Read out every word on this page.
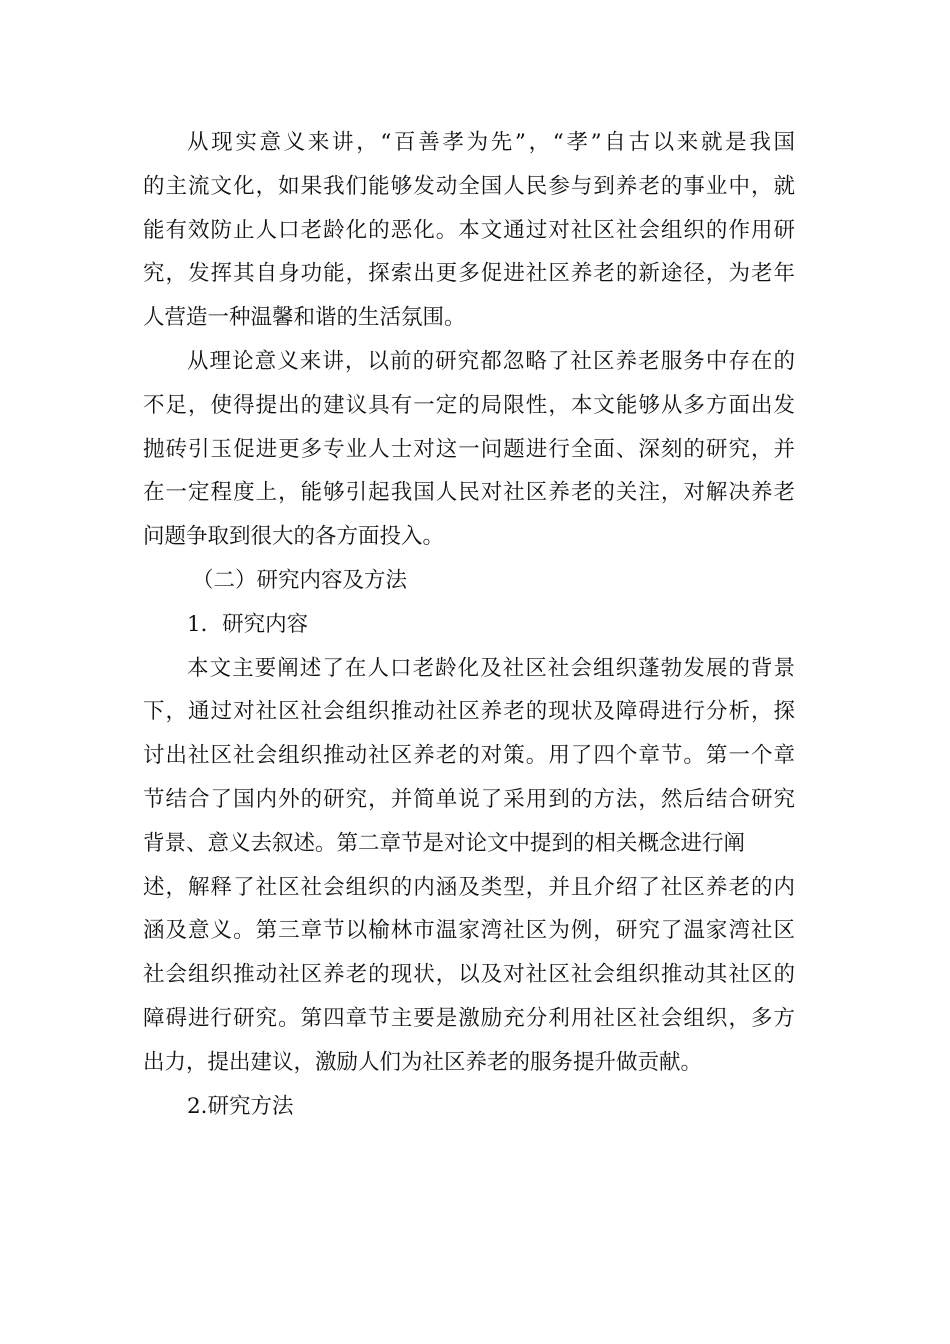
从现实意义来讲，“百善孝为先”，“孝”自古以来就是我国
的主流文化，如果我们能够发动全国人民参与到养老的事业中，就
能有效防止人口老龄化的恶化。本文通过对社区社会组织的作用研
究，发挥其自身功能，探索出更多促进社区养老的新途径，为老年
人营造一种温馨和谐的生活氛围。
从理论意义来讲，以前的研究都忽略了社区养老服务中存在的
不足，使得提出的建议具有一定的局限性，本文能够从多方面出发
抛砖引玉促进更多专业人士对这一问题进行全面、深刻的研究，并
在一定程度上，能够引起我国人民对社区养老的关注，对解决养老
问题争取到很大的各方面投入。
（二）研究内容及方法
1．研究内容
本文主要阐述了在人口老龄化及社区社会组织蓬勃发展的背景
下，通过对社区社会组织推动社区养老的现状及障碍进行分析，探
讨出社区社会组织推动社区养老的对策。用了四个章节。第一个章
节结合了国内外的研究，并简单说了采用到的方法，然后结合研究
背景、意义去叙述。第二章节是对论文中提到的相关概念进行阐
述，解释了社区社会组织的内涵及类型，并且介绍了社区养老的内
涵及意义。第三章节以榆林市温家湾社区为例，研究了温家湾社区
社会组织推动社区养老的现状，以及对社区社会组织推动其社区的
障碍进行研究。第四章节主要是激励充分利用社区社会组织，多方
出力，提出建议，激励人们为社区养老的服务提升做贡献。
2.研究方法
